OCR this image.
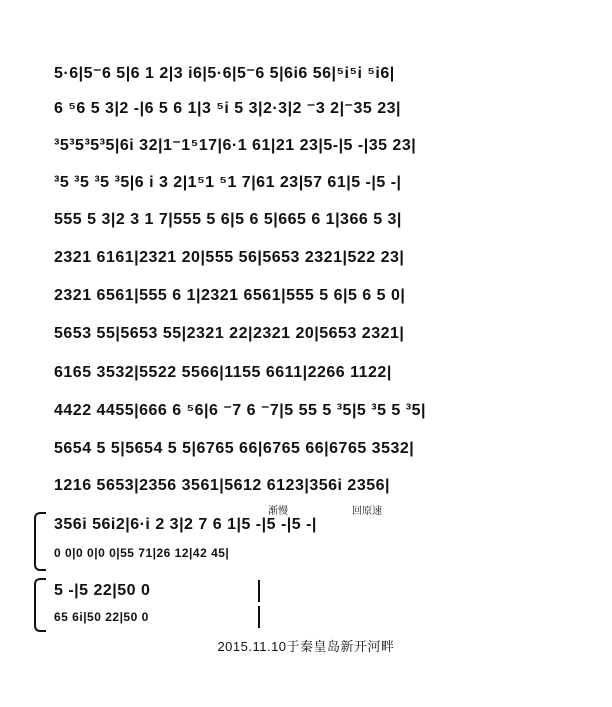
5·6|5⁻6 5|6 1 2|3 i6|5·6|5⁻6 5|6i6 56|⁵i⁵i ⁵i6|
6 ⁵6 5 3|2 -|6 5 6 1|3 ⁵i 5 3|2·3|2 ⁻3 2|⁻35 23|
³5³5³5³5|6i 32|1⁻1⁵17|6·1 61|21 23|5-|5 -|35 23|
³5 ³5 ³5 ³5|6 i 3 2|1⁵1 ⁵1 7|61 23|57 61|5 -|5 -|
555 5 3|2 3 1 7|555 5 6|5 6 5|665 6 1|366 5 3|
2321 6161|2321 20|555 56|5653 2321|522 23|
2321 6561|555 6 1|2321 6561|555 5 6|5 6 5 0|
5653 55|5653 55|2321 22|2321 20|5653 2321|
6165 3532|5522 5566|1155 6611|2266 1122|
4422 4455|666 6 ⁵6|6 ⁻7 6 ⁻7|5 55 5 ³5|5 ³5 5 ³5|
5654 5 5|5654 5 5|6765 66|6765 66|6765 3532|
1216 5653|2356 3561|5612 6123|356i 2356|
渐慢	回原速
356i 56i2|6·i 2 3|2 7 6 1|5 -|5 -|5 -|
0 0|0 0|0 0|55 71|26 12|42 45|
5 -|5 22|50 0
65 6i|50 22|50 0
2015.11.10于秦皇岛新开河畔
